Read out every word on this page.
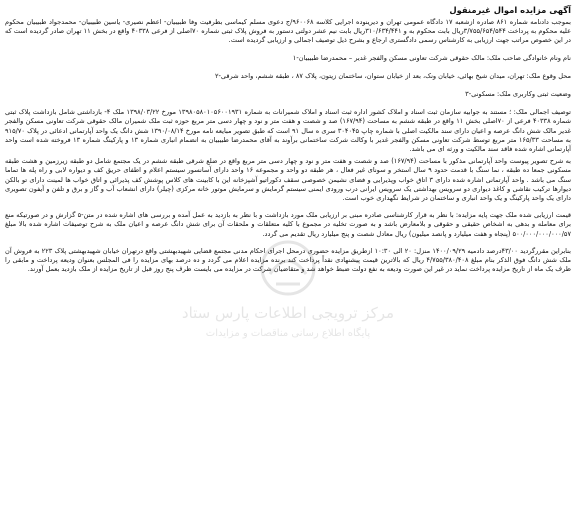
آگهی مزایده اموال غیرمنقول

بموجب دادنامه شماره ۸۶۱ صادره ازشعبه ۱۷ دادگاه عمومی تهران و دیرینوده اجرایی کلاسه ۹۶۰۰۶۸/ج دعوی مسلم کیماسی بطرفیت وفا طبیبیان- اعظم نصیری- یاسین طبیبیان- محمدجواد طبیبیان محکوم علیه محکوم به پرداخت ۳/۷۵۵/۶۵۴/۵۴۴ریال بابت محکوم به و ۳۱۰/۶۳۴/۴۴۱ریال بابت نیم عشر دولتی دستور به فروش پلاک ثبتی شماره ۷۰اصلی از فرعی ۴۰۳۳۸ واقع در بخش ۱۱ تهران صادر گردیده است که در این خصوص مراتب جهت ارزیابی به کارشناس رسمی دادگستری ارجاع و بشرح ذیل توصیف اجمالی و ارزیابی گردیده است.

نام ونام خانوادگی صاحب ملک: مالک حقوقی شرکت تعاونی مسکن والفجر غدیر – محمدرضا طبیبیان-۱

محل وقوع ملک: تهران، میدان شیخ بهائی، خیابان ونک، بعد از خیابان ستوان، ساختمان زیتون، پلاک ۸۷ ، طبقه ششم، واحد شرقی-۲

وضعیت ثبتی وکاربری ملک: مسکونی-۳

توصیف اجمالی ملک: ؛ مستند به جوابیه سازمان ثبت اسناد و املاک کشور اداره ثبت اسناد و املاک شمیرانات به شماره ۱۳۹۸۰۵۸۰۱۰۵۶۰۰۱۹۳۱ مورخ ۱۳۹۸/۰۳/۲۲ ملک ۴- بازداشتی شامل بازداشت پلاک ثبتی شماره ۴۰۳۳۸ فرعی از ۷۰اصلی بخش ۱۱ واقع در طبقه ششم به مساحت (۱۶۷/۹۴) صد و شصت و هفت متر و نود و چهار دسی متر مربع حوزه ثبت ملک شمیران مالک حقوقی شرکت تعاونی مسکن والفجر غدیر مالک شش دانگ عرصه و اعیان دارای سند مالکیت اصلی با شماره چاپ ۳۰۴۰۴۵ سری ه سال ۹۱ است که طبق تصویر مبایعه نامه مورخ ۱۳۹۰/۰۸/۱۴ شش دانگ یک واحد آپارتمانی ادعائی در پلاک ۹۱۵/۷۰ به مساحت ۱۶۵/۳۳ متر مربع توسط شرکت تعاونی مسکن والفجر غدیر با وکالت شرکت ساختمانی برآوند به آقای محمدرضا طبیبیان به انضمام انباری شماره ۱۳ و پارکینگ شماره ۱۳ فروخته شده است واحد آپارتمانی اشاره شده فاقد سند مالکیت و ورثه ای می باشد.

به شرح تصویر پیوست واحد آپارتمانی مذکور با مساحت (۱۶۷/۹۴) صد و شصت و هفت متر و نود و چهار دسی متر مربع واقع در ضلع شرقی طبقه ششم در یک مجتمع شامل دو طبقه زیرزمین و هشت طبقه مسکونی جمعا ده طبقه ، نما سنگ با قدمت حدود ۹ سال استخر و سونای غیر فعال ، هر طبقه دو واحد و مجموعه ۱۶ واحد دارای آسانسور سیستم اعلام و اطفای حریق کف و دیواره لابی و راه پله ها تماما سنگ می باشد . واحد آپارتمانی اشاره شده دارای ۳ اتاق خواب وپذیرایی و فضای نشیمن خصوصی سقف دکوراتیو آشپزخانه این با کابینت های کلاس پوشش کف پذیرائی و اتاق خواب ها لمینت دارای تو بالکن دیوارها ترکیب نقاشی و کاغذ دیواری دو سرویس بهداشتی یک سرویس ایرانی درب ورودی ایمنی سیستم گرمایش و سرمایش موتور خانه مرکزی (چیلر) دارای انشعاب آب و گاز و برق و تلفن و آیفون تصویری دارای یک واحد پارکینگ و یک واحد انباری و ساختمان در شرایط نگهداری خوب است.

قیمت ارزیابی شده ملک جهت پایه مزایده: با نظر به قرار کارشناسی صادره مبنی بر ارزیابی ملک مورد بازداشت و با نظر به بازدید به عمل آمده و بررسی های اشاره شده در متن-۵ گزارش و در صورتیکه منع برای معامله و بدهی به اشخاص حقیقی و حقوقی و بلامعارض باشد و به صورت تخلیه در مجموع با کلیه متعلقات و ملحقات آن برای شش دانگ عرصه و اعیان ملک به شرح توصیفات اشاره شده بالا مبلغ ۵۰۰/۰۰۰/۰۰۰/۰۰۰/۵۷ (پنجاه و هفت میلیارد و پانصد میلیون) ریال معادل شصت و پنج میلیارد ریال تقدیم می گردد.

بنابراین مقررگردید ۴۳/۰۰درصد دادمیه ۱۴۰۰/۰۹/۲۹ منزل: ۲۰ الی ۱۰:۳۰ ازطریق مزایده حضوری درمحل اجرای احکام مدنی مجتمع قضایی شهیدبهشتی واقع درتهران خیابان شهیدبهشتی پلاک ۲۲۳ به فروش آن ملک شش دانگ فوق الذکر بنام مبلغ ۴/۷۵۵/۳۸۰/۴۰۸ ریال که بالاترین قیمت پیشنهادی نقداً پرداخت کند برنده مزایده اعلام می گردد و ده درصد بهای مزایده را فی المجلس بعنوان ودیعه پرداخت و مابقی را ظرف یک ماه از تاریخ مزایده پرداخت نماید در غیر این صورت ودیعه به نفع دولت ضبط خواهد شد و متقاضیان شرکت در مزایده می بایست ظرف پنج روز قبل از تاریخ مزایده از ملک بازدید بعمل آورند.

مرکز ترویجی اطلاعات پارس ستاد
پایگاه اطلاع رسانی مناقصات و مزایدات
